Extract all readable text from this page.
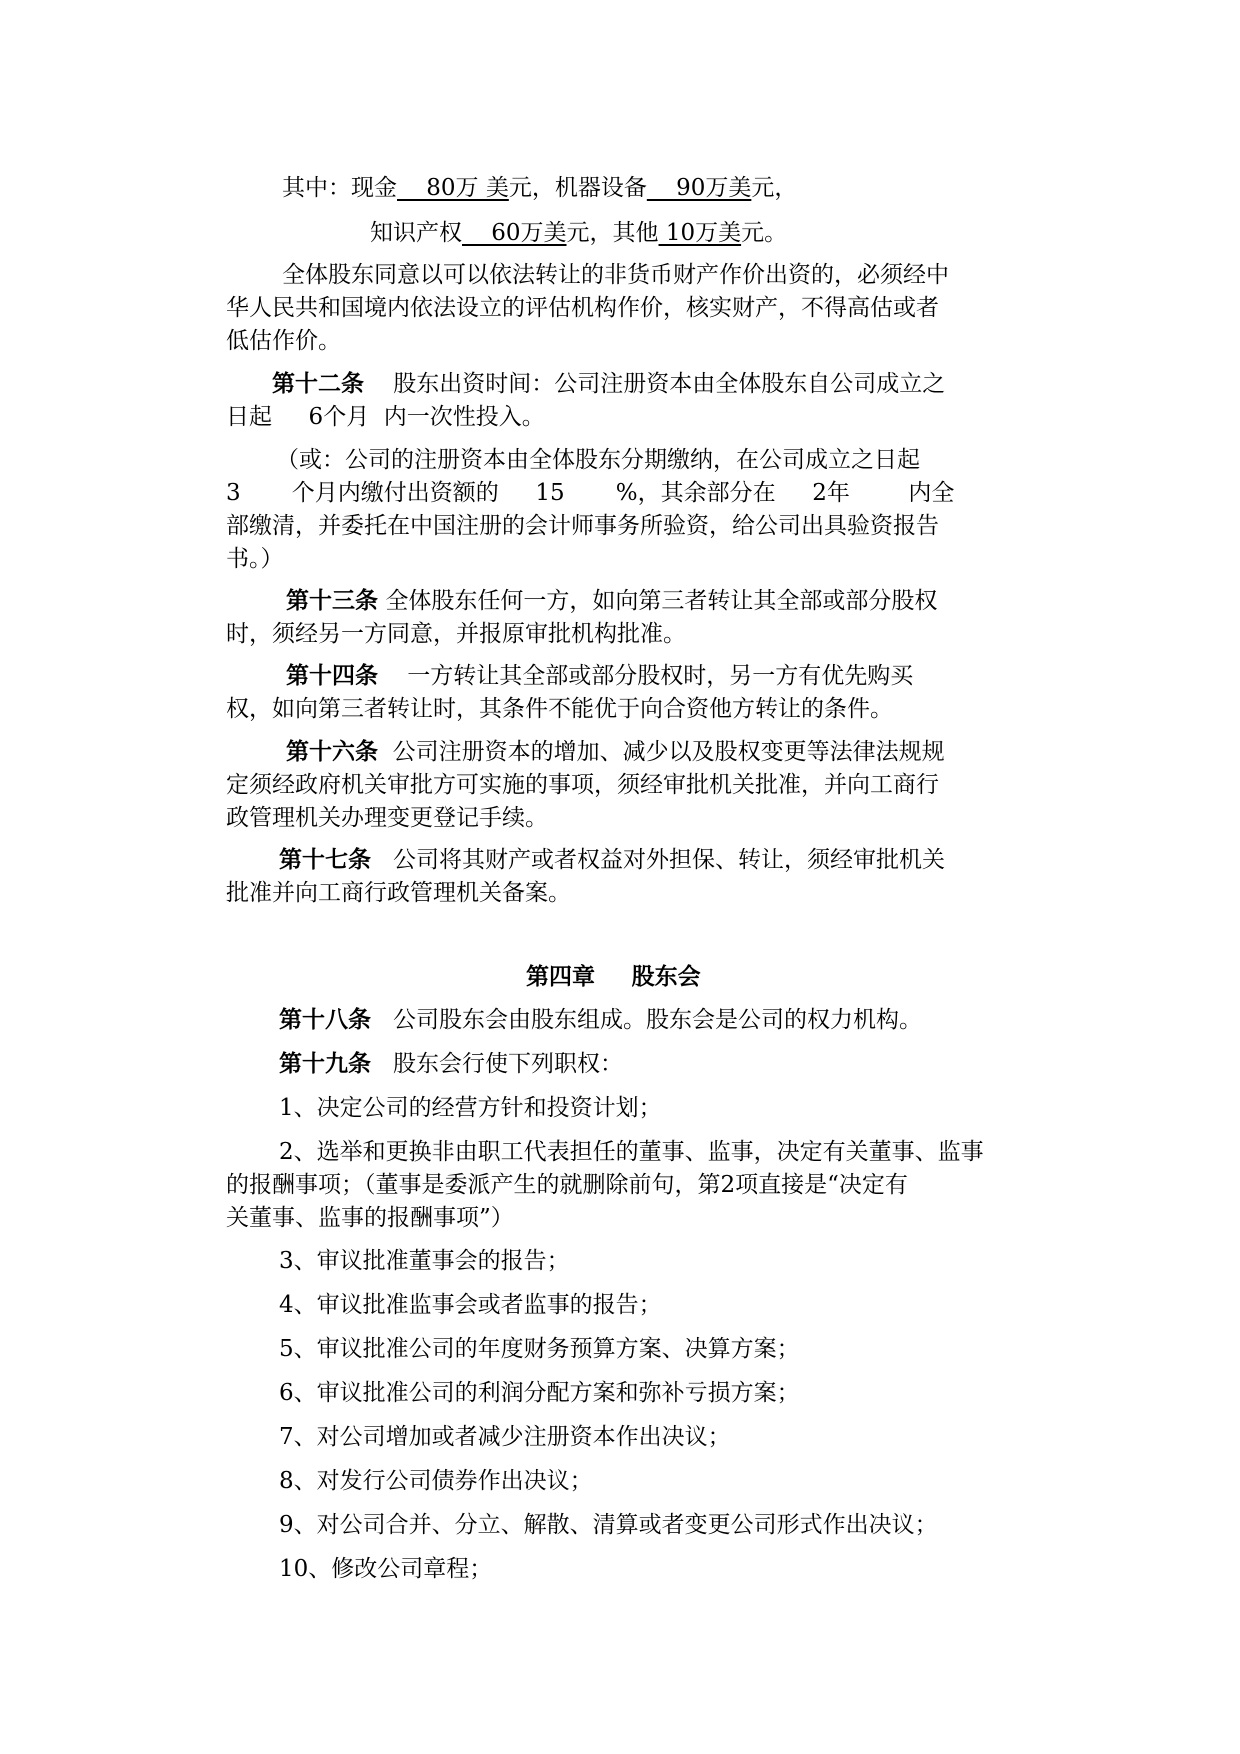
其中：现金    80万 美元，机器设备    90万美元，
知识产权    60万美元，其他 10万美元。
全体股东同意以可以依法转让的非货币财产作价出资的，必须经中
华人民共和国境内依法设立的评估机构作价，核实财产，不得高估或者
低估作价。
第十二条 股东出资时间：公司注册资本由全体股东自公司成立之
日起     6个月  内一次性投入。
（或：公司的注册资本由全体股东分期缴纳，在公司成立之日起
3       个月内缴付出资额的     15       %，其余部分在     2年        内全
部缴清，并委托在中国注册的会计师事务所验资，给公司出具验资报告
书。）
第十三条 全体股东任何一方，如向第三者转让其全部或部分股权
时，须经另一方同意，并报原审批机构批准。
第十四条 一方转让其全部或部分股权时，另一方有优先购买
权，如向第三者转让时，其条件不能优于向合资他方转让的条件。
第十六条 公司注册资本的增加、减少以及股权变更等法律法规规
定须经政府机关审批方可实施的事项，须经审批机关批准，并向工商行
政管理机关办理变更登记手续。
第十七条 公司将其财产或者权益对外担保、转让，须经审批机关
批准并向工商行政管理机关备案。
第四章 股东会
第十八条 公司股东会由股东组成。股东会是公司的权力机构。
第十九条 股东会行使下列职权：
1、决定公司的经营方针和投资计划；
2、选举和更换非由职工代表担任的董事、监事，决定有关董事、监事
的报酬事项；（董事是委派产生的就删除前句，第2项直接是“决定有
关董事、监事的报酬事项”）
3、审议批准董事会的报告；
4、审议批准监事会或者监事的报告；
5、审议批准公司的年度财务预算方案、决算方案；
6、审议批准公司的利润分配方案和弥补亏损方案；
7、对公司增加或者减少注册资本作出决议；
8、对发行公司债券作出决议；
9、对公司合并、分立、解散、清算或者变更公司形式作出决议；
10、修改公司章程；
